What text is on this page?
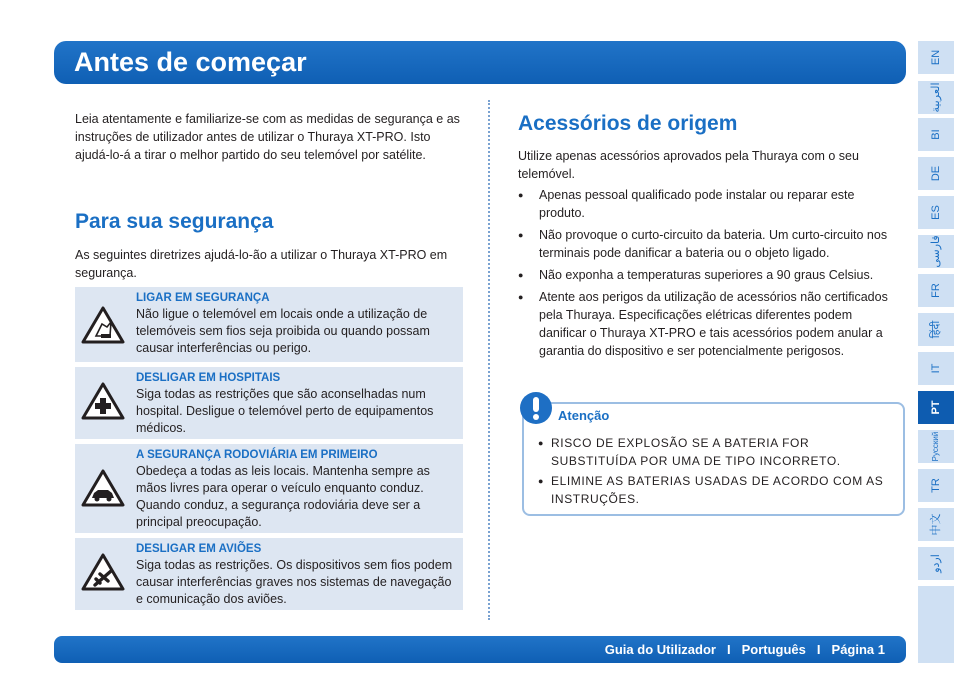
Antes de começar	EN
العربية
BI
DE
ES
فارسی
FR
हिंदी
IT
PT
Русский
TR
中文
اردو

Leia atentamente e familiarize-se com as medidas de segurança e as instruções de utilizador antes de utilizar o Thuraya XT-PRO. Isto ajudá-lo-á a tirar o melhor partido do seu telemóvel por satélite.

Para sua segurança

As seguintes diretrizes ajudá-lo-ão a utilizar o Thuraya XT-PRO em segurança.

LIGAR EM SEGURANÇA

Não ligue o telemóvel em locais onde a utilização de telemóveis sem fios seja proibida ou quando possam causar interferências ou perigo.

DESLIGAR EM HOSPITAIS

Siga todas as restrições que são aconselhadas num hospital. Desligue o telemóvel perto de equipamentos médicos.

A SEGURANÇA RODOVIÁRIA EM PRIMEIRO

Obedeça a todas as leis locais. Mantenha sempre as mãos livres para operar o veículo enquanto conduz. Quando conduz, a segurança rodoviária deve ser a principal preocupação.

DESLIGAR EM AVIÕES

Siga todas as restrições. Os dispositivos sem fios podem causar interferências graves nos sistemas de navegação e comunicação dos aviões.

Acessórios de origem

Utilize apenas acessórios aprovados pela Thuraya com o seu telemóvel.

● Apenas pessoal qualificado pode instalar ou reparar este produto.
● Não provoque o curto-circuito da bateria. Um curto-circuito nos terminais pode danificar a bateria ou o objeto ligado.
● Não exponha a temperaturas superiores a 90 graus Celsius.
● Atente aos perigos da utilização de acessórios não certificados pela Thuraya. Especificações elétricas diferentes podem danificar o Thuraya XT-PRO e tais acessórios podem anular a garantia do dispositivo e ser potencialmente perigosos.

Atenção

● RISCO DE EXPLOSÃO SE A BATERIA FOR SUBSTITUÍDA POR UMA DE TIPO INCORRETO.
● ELIMINE AS BATERIAS USADAS DE ACORDO COM AS INSTRUÇÕES.
Guia do Utilizador I Português I Página 1
